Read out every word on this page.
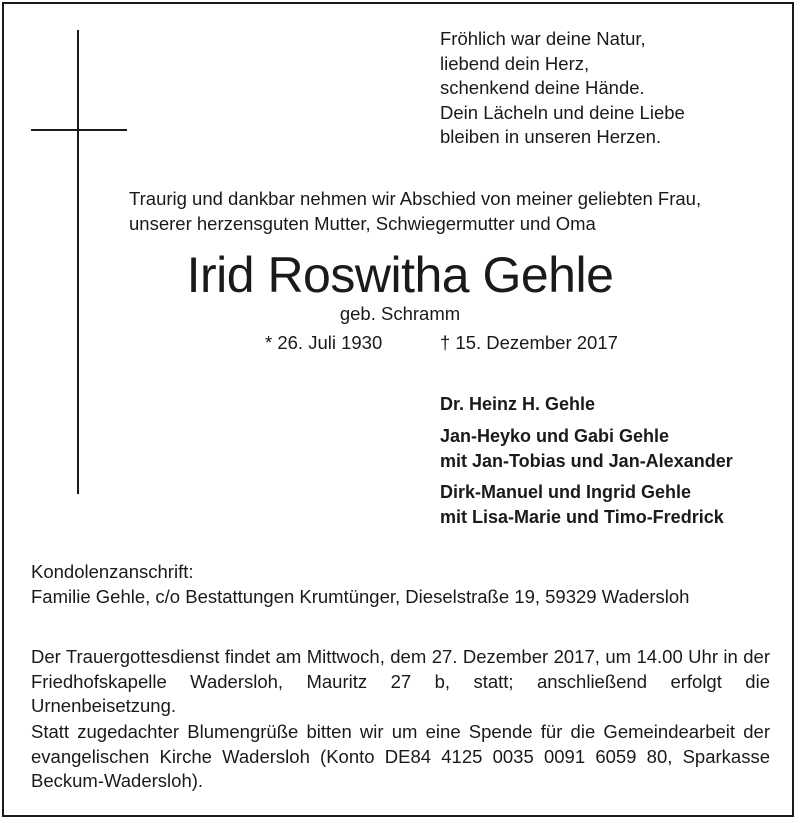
Fröhlich war deine Natur,
liebend dein Herz,
schenkend deine Hände.
Dein Lächeln und deine Liebe
bleiben in unseren Herzen.
Traurig und dankbar nehmen wir Abschied von meiner geliebten Frau,
unserer herzensguten Mutter, Schwiegermutter und Oma
Irid Roswitha Gehle
geb. Schramm
* 26. Juli 1930	† 15. Dezember 2017
Dr. Heinz H. Gehle
Jan-Heyko und Gabi Gehle
mit Jan-Tobias und Jan-Alexander
Dirk-Manuel und Ingrid Gehle
mit Lisa-Marie und Timo-Fredrick
Kondolenzanschrift:
Familie Gehle, c/o Bestattungen Krumtünger, Dieselstraße 19, 59329 Wadersloh
Der Trauergottesdienst findet am Mittwoch, dem 27. Dezember 2017, um 14.00 Uhr in der Friedhofskapelle Wadersloh, Mauritz 27 b, statt; anschließend erfolgt die Urnenbeisetzung.
Statt zugedachter Blumengrüße bitten wir um eine Spende für die Gemeindearbeit der evangelischen Kirche Wadersloh (Konto DE84 4125 0035 0091 6059 80, Sparkasse Beckum-Wadersloh).
